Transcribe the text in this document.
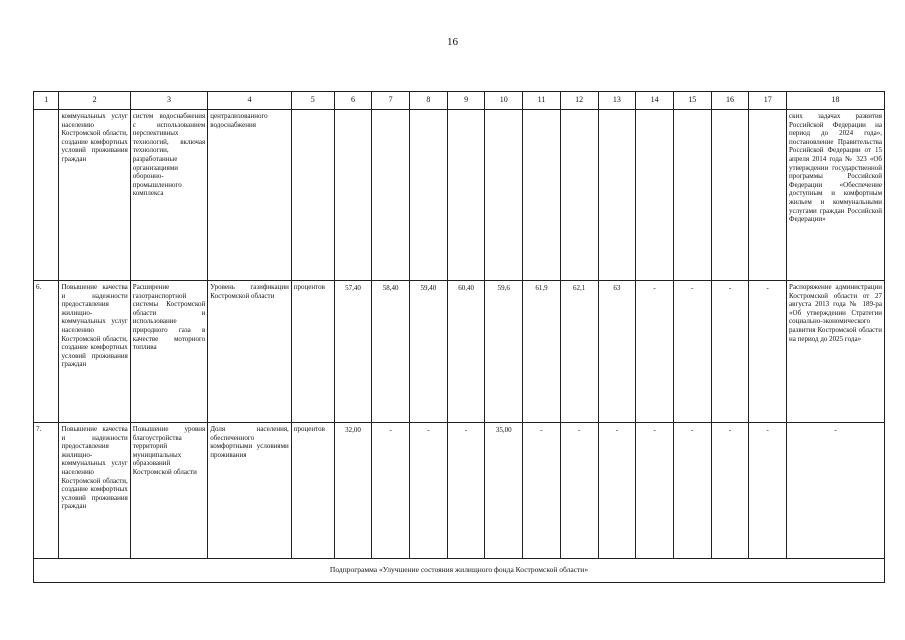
16
1	2	3	4	5	6	7	8	9	10	11	12	13	14	15	16	17	18
	коммунальных услуг населению Костромской области, создание комфортных условий проживания граждан	систем водоснабжения с использованием перспективных технологий, включая технологии, разработанные организациями оборонно-промышленного комплекса	централизованного водоснабжения														ских задачах развития Российской Федерации на период до 2024 года», постановление Правительства Российской Федерации от 15 апреля 2014 года № 323 «Об утверждении государственной программы Российской Федерации «Обеспечение доступным и комфортным жильем и коммунальными услугами граждан Российской Федерации»
6.	Повышение качества и надежности предоставления жилищно-коммунальных услуг населению Костромской области, создание комфортных условий проживания граждан	Расширение газотранспортной системы Костромской области и использование природного газа в качестве моторного топлива	Уровень газификации Костромской области	процентов	57,40	58,40	59,40	60,40	59,6	61,9	62,1	63	-	-	-	-	Распоряжение администрации Костромской области от 27 августа 2013 года № 189-ра «Об утверждении Стратегии социально-экономического развития Костромской области на период до 2025 года»
7.	Повышение качества и надежности предоставления жилищно-коммунальных услуг населению Костромской области, создание комфортных условий проживания граждан	Повышение уровня благоустройства территорий муниципальных образований Костромской области	Доля населения, обеспеченного комфортными условиями проживания	процентов	32,00	-	-	-	35,00	-	-	-	-	-	-	-	-
Подпрограмма «Улучшение состояния жилищного фонда Костромской области»																	
